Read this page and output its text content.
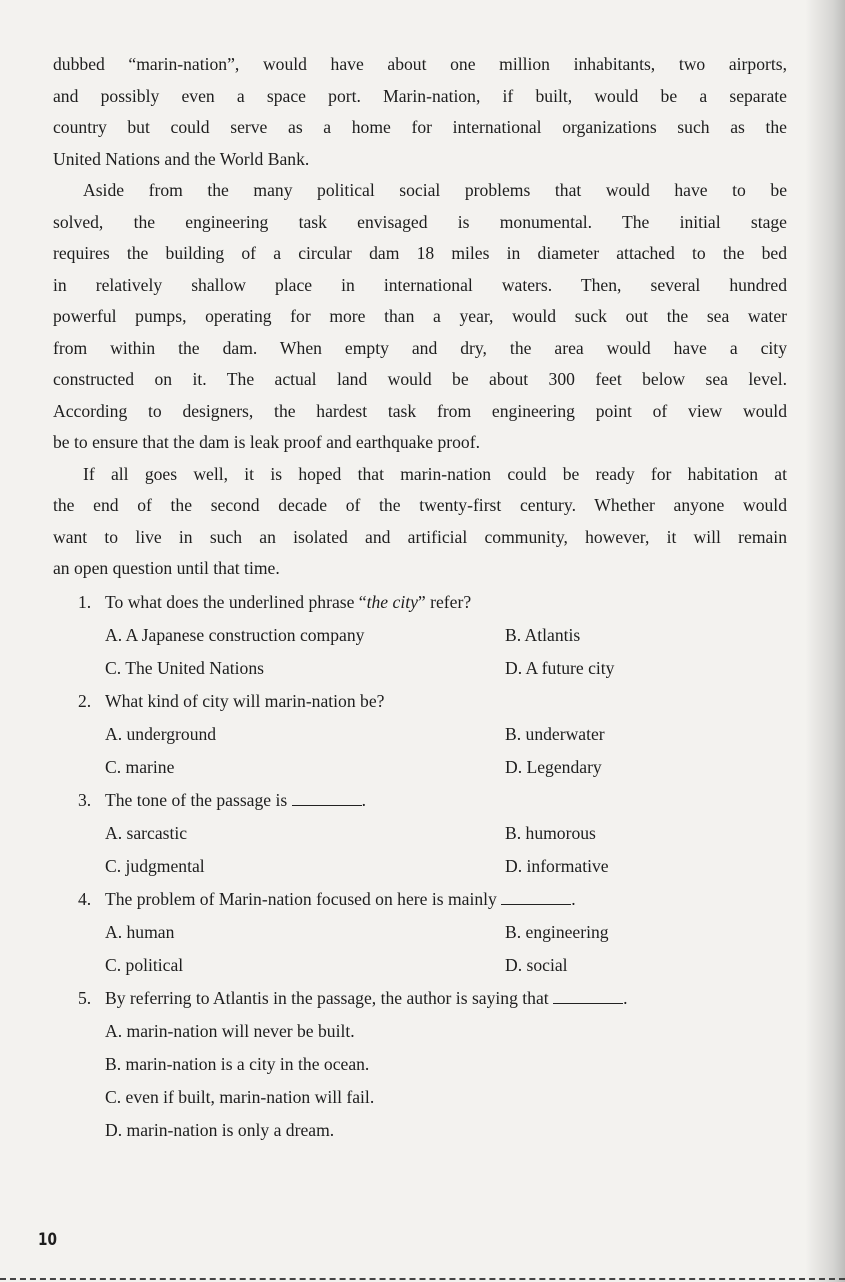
dubbed “marin-nation”, would have about one million inhabitants, two airports,
and possibly even a space port. Marin-nation, if built, would be a separate
country but could serve as a home for international organizations such as the
United Nations and the World Bank.
Aside from the many political social problems that would have to be
solved, the engineering task envisaged is monumental. The initial stage
requires the building of a circular dam 18 miles in diameter attached to the bed
in relatively shallow place in international waters. Then, several hundred
powerful pumps, operating for more than a year, would suck out the sea water
from within the dam. When empty and dry, the area would have a city
constructed on it. The actual land would be about 300 feet below sea level.
According to designers, the hardest task from engineering point of view would
be to ensure that the dam is leak proof and earthquake proof.
If all goes well, it is hoped that marin-nation could be ready for habitation at
the end of the second decade of the twenty-first century. Whether anyone would
want to live in such an isolated and artificial community, however, it will remain
an open question until that time.
1. To what does the underlined phrase “the city” refer?
A. A Japanese construction company	B. Atlantis
C. The United Nations	D. A future city
2. What kind of city will marin-nation be?
A. underground	B. underwater
C. marine	D. Legendary
3. The tone of the passage is	.
A. sarcastic	B. humorous
C. judgmental	D. informative
4. The problem of Marin-nation focused on here is mainly	.
A. human	B. engineering
C. political	D. social
5. By referring to Atlantis in the passage, the author is saying that	.
A. marin-nation will never be built.
B. marin-nation is a city in the ocean.
C. even if built, marin-nation will fail.
D. marin-nation is only a dream.
10
